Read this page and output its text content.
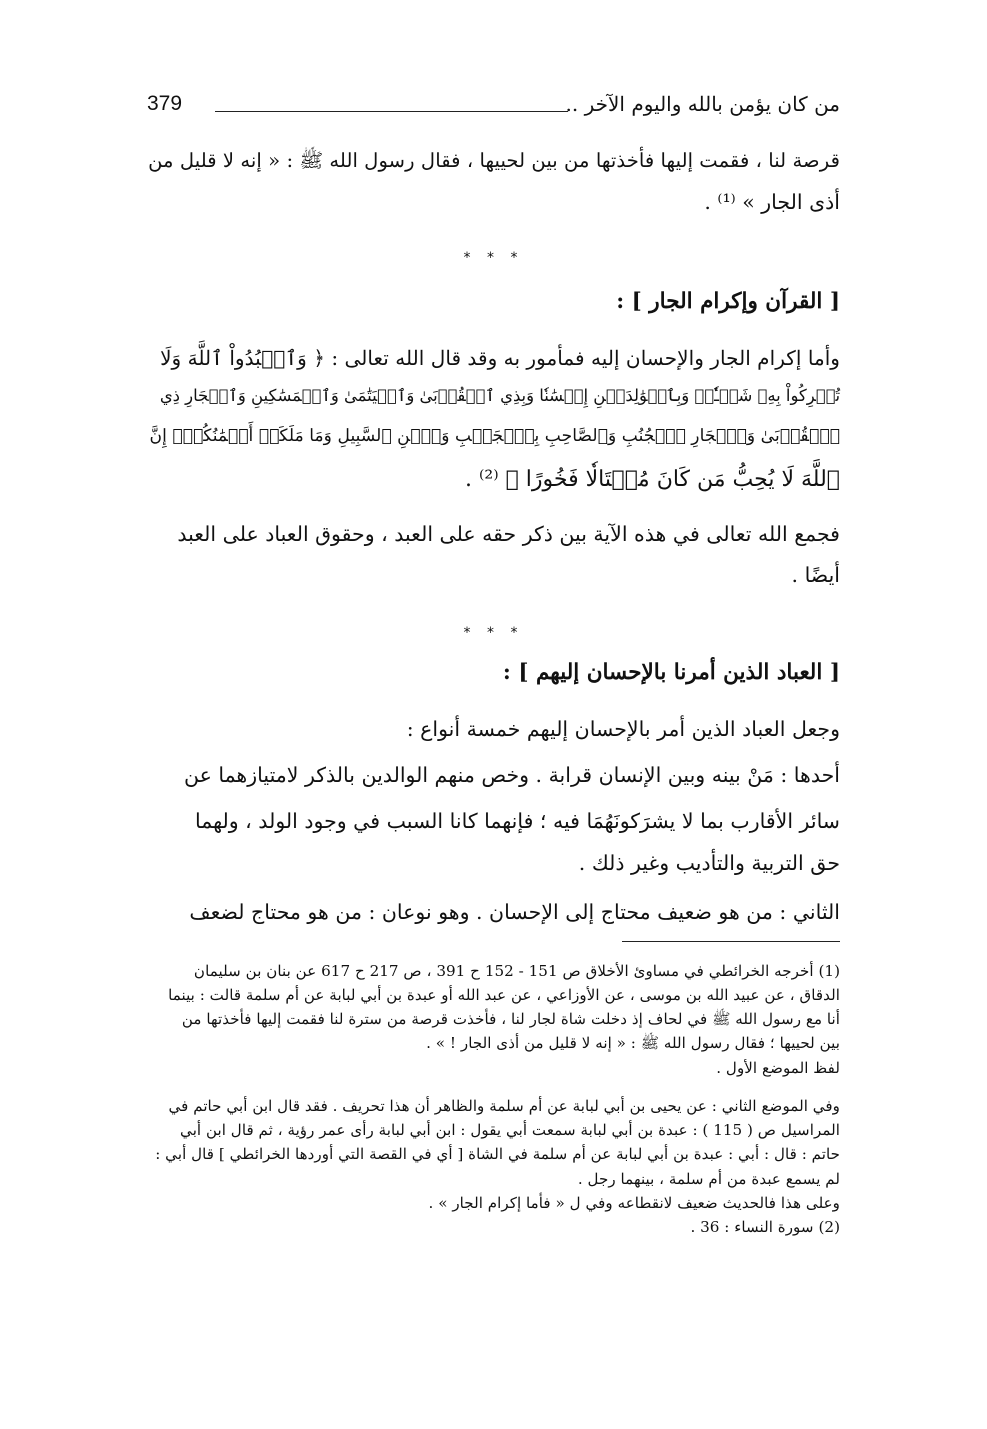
من كان يؤمن بالله واليوم الآخر ..
379
قرصة لنا ، فقمت إليها فأخذتها من بين لحييها ، فقال رسول الله ﷺ : « إنه لا قليل من
أذى الجار » ⁽¹⁾ .
* * *
[ القرآن وإكرام الجار ] :
وأما إكرام الجار والإحسان إليه فمأمور به وقد قال الله تعالى : ﴿ وَٱعۡبُدُواْ ٱللَّهَ وَلَا
تُشۡرِكُواْ بِهِۦ شَيۡـٔٗاۖ وَبِٱلۡوَٰلِدَيۡنِ إِحۡسَٰنٗا وَبِذِي ٱلۡقُرۡبَىٰ وَٱلۡيَتَٰمَىٰ وَٱلۡمَسَٰكِينِ وَٱلۡجَارِ ذِي
ٱلۡقُرۡبَىٰ وَٱلۡجَارِ ٱلۡجُنُبِ وَٱلصَّاحِبِ بِٱلۡجَنۢبِ وَٱبۡنِ ٱلسَّبِيلِ وَمَا مَلَكَتۡ أَيۡمَٰنُكُمۡۗ إِنَّ
ٱللَّهَ لَا يُحِبُّ مَن كَانَ مُخۡتَالٗا فَخُورًا ﴾ ⁽²⁾ .
فجمع الله تعالى في هذه الآية بين ذكر حقه على العبد ، وحقوق العباد على العبد
أيضًا .
* * *
[ العباد الذين أمرنا بالإحسان إليهم ] :
وجعل العباد الذين أمر بالإحسان إليهم خمسة أنواع :
أحدها : مَنْ بينه وبين الإنسان قرابة . وخص منهم الوالدين بالذكر لامتيازهما عن
سائر الأقارب بما لا يشرَكونَهُمَا فيه ؛ فإنهما كانا السبب في وجود الولد ، ولهما
حق التربية والتأديب وغير ذلك .
الثاني : من هو ضعيف محتاج إلى الإحسان . وهو نوعان : من هو محتاج لضعف
(1) أخرجه الخرائطي في مساوئ الأخلاق ص 151 - 152 ح 391 ، ص 217 ح 617 عن بنان بن سليمان
الدقاق ، عن عبيد الله بن موسى ، عن الأوزاعي ، عن عبد الله أو عبدة بن أبي لبابة عن أم سلمة قالت : بينما
أنا مع رسول الله ﷺ في لحاف إذ دخلت شاة لجار لنا ، فأخذت قرصة من سترة لنا فقمت إليها فأخذتها من
بين لحييها ؛ فقال رسول الله ﷺ : « إنه لا قليل من أذى الجار ! » .
لفظ الموضع الأول .
وفي الموضع الثاني : عن يحيى بن أبي لبابة عن أم سلمة والظاهر أن هذا تحريف . فقد قال ابن أبي حاتم في
المراسيل ص ( 115 ) : عبدة بن أبي لبابة سمعت أبي يقول : ابن أبي لبابة رأى عمر رؤية ، ثم قال ابن أبي
حاتم : قال : أبي : عبدة بن أبي لبابة عن أم سلمة في الشاة [ أي في القصة التي أوردها الخرائطي ] قال أبي :
لم يسمع عبدة من أم سلمة ، بينهما رجل .
وعلى هذا فالحديث ضعيف لانقطاعه وفي ل « فأما إكرام الجار » .
(2) سورة النساء : 36 .
